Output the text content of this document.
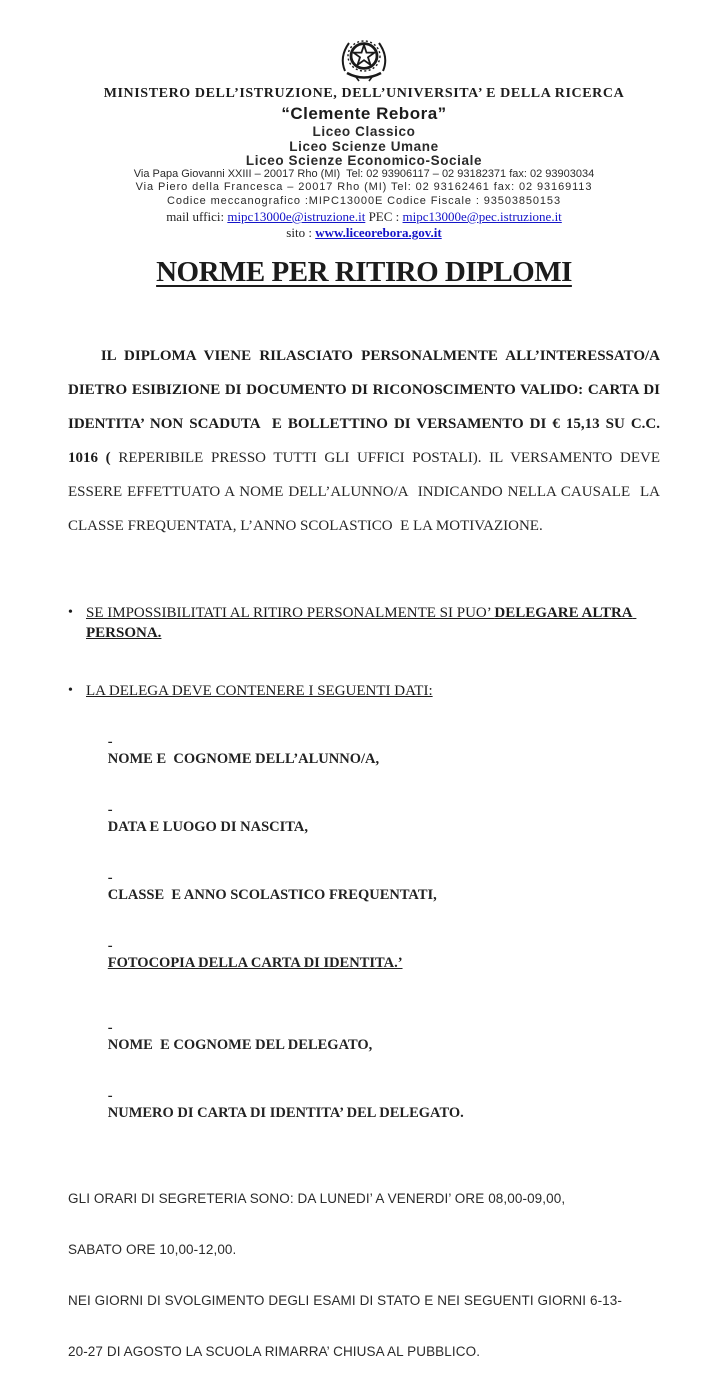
MINISTERO DELL’ISTRUZIONE, DELL’UNIVERSITA’ E DELLA RICERCA
“Clemente Rebora”
Liceo Classico
Liceo Scienze Umane
Liceo Scienze Economico-Sociale
Via Papa Giovanni XXIII – 20017 Rho (MI)  Tel: 02 93906117 – 02 93182371 fax: 02 93903034
Via Piero della Francesca – 20017 Rho (MI) Tel: 02 93162461 fax: 02 93169113
Codice meccanografico :MIPC13000E Codice Fiscale : 93503850153
mail uffici: mipc13000e@istruzione.it PEC : mipc13000e@pec.istruzione.it
sito : www.liceorebora.gov.it
NORME PER RITIRO DIPLOMI

IL DIPLOMA VIENE RILASCIATO PERSONALMENTE ALL’INTERESSATO/A DIETRO ESIBIZIONE DI DOCUMENTO DI RICONOSCIMENTO VALIDO: CARTA DI IDENTITA’ NON SCADUTA  E BOLLETTINO DI VERSAMENTO DI € 15,13 SU C.C. 1016 ( REPERIBILE PRESSO TUTTI GLI UFFICI POSTALI). IL VERSAMENTO DEVE ESSERE EFFETTUATO A NOME DELL’ALUNNO/A  INDICANDO NELLA CAUSALE  LA CLASSE FREQUENTATA, L’ANNO SCOLASTICO  E LA MOTIVAZIONE.

• SE IMPOSSIBILITATI AL RITIRO PERSONALMENTE SI PUO’ DELEGARE ALTRA PERSONA.
• LA DELEGA DEVE CONTENERE I SEGUENTI DATI:

-
NOME E  COGNOME DELL’ALUNNO/A,

-
DATA E LUOGO DI NASCITA,

-
CLASSE  E ANNO SCOLASTICO FREQUENTATI,

-
FOTOCOPIA DELLA CARTA DI IDENTITA.’

-
NOME  E COGNOME DEL DELEGATO,

-
NUMERO DI CARTA DI IDENTITA’ DEL DELEGATO.

GLI ORARI DI SEGRETERIA SONO: DA LUNEDI’ A VENERDI’ ORE 08,00-09,00,

SABATO ORE 10,00-12,00.

NEI GIORNI DI SVOLGIMENTO DEGLI ESAMI DI STATO E NEI SEGUENTI GIORNI 6-13-

20-27 DI AGOSTO LA SCUOLA RIMARRA’ CHIUSA AL PUBBLICO.
